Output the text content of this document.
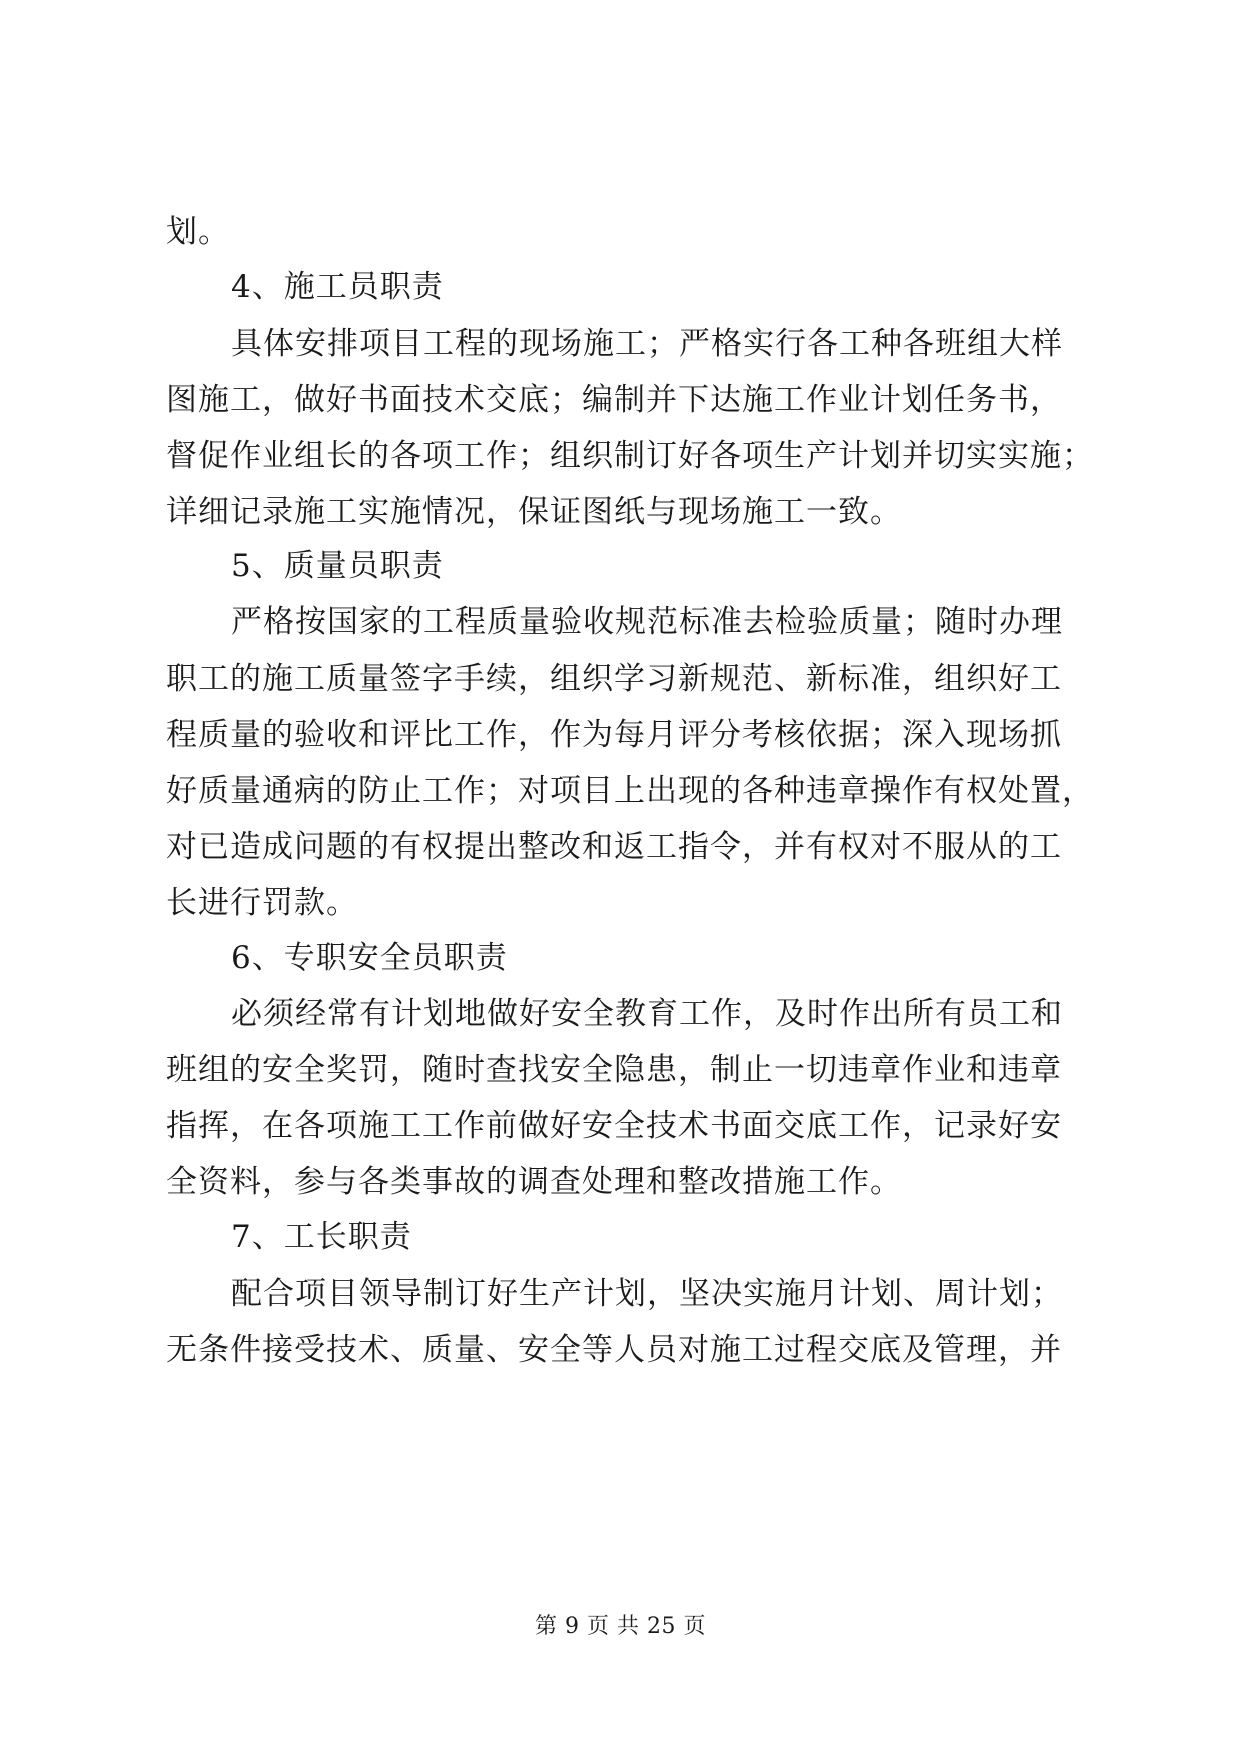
划。
4、施工员职责
具体安排项目工程的现场施工；严格实行各工种各班组大样
图施工，做好书面技术交底；编制并下达施工作业计划任务书，
督促作业组长的各项工作；组织制订好各项生产计划并切实实施；
详细记录施工实施情况，保证图纸与现场施工一致。
5、质量员职责
严格按国家的工程质量验收规范标准去检验质量；随时办理
职工的施工质量签字手续，组织学习新规范、新标准，组织好工
程质量的验收和评比工作，作为每月评分考核依据；深入现场抓
好质量通病的防止工作；对项目上出现的各种违章操作有权处置，
对已造成问题的有权提出整改和返工指令，并有权对不服从的工
长进行罚款。
6、专职安全员职责
必须经常有计划地做好安全教育工作，及时作出所有员工和
班组的安全奖罚，随时查找安全隐患，制止一切违章作业和违章
指挥，在各项施工工作前做好安全技术书面交底工作，记录好安
全资料，参与各类事故的调查处理和整改措施工作。
7、工长职责
配合项目领导制订好生产计划，坚决实施月计划、周计划；
无条件接受技术、质量、安全等人员对施工过程交底及管理，并
第 9 页 共 25 页
